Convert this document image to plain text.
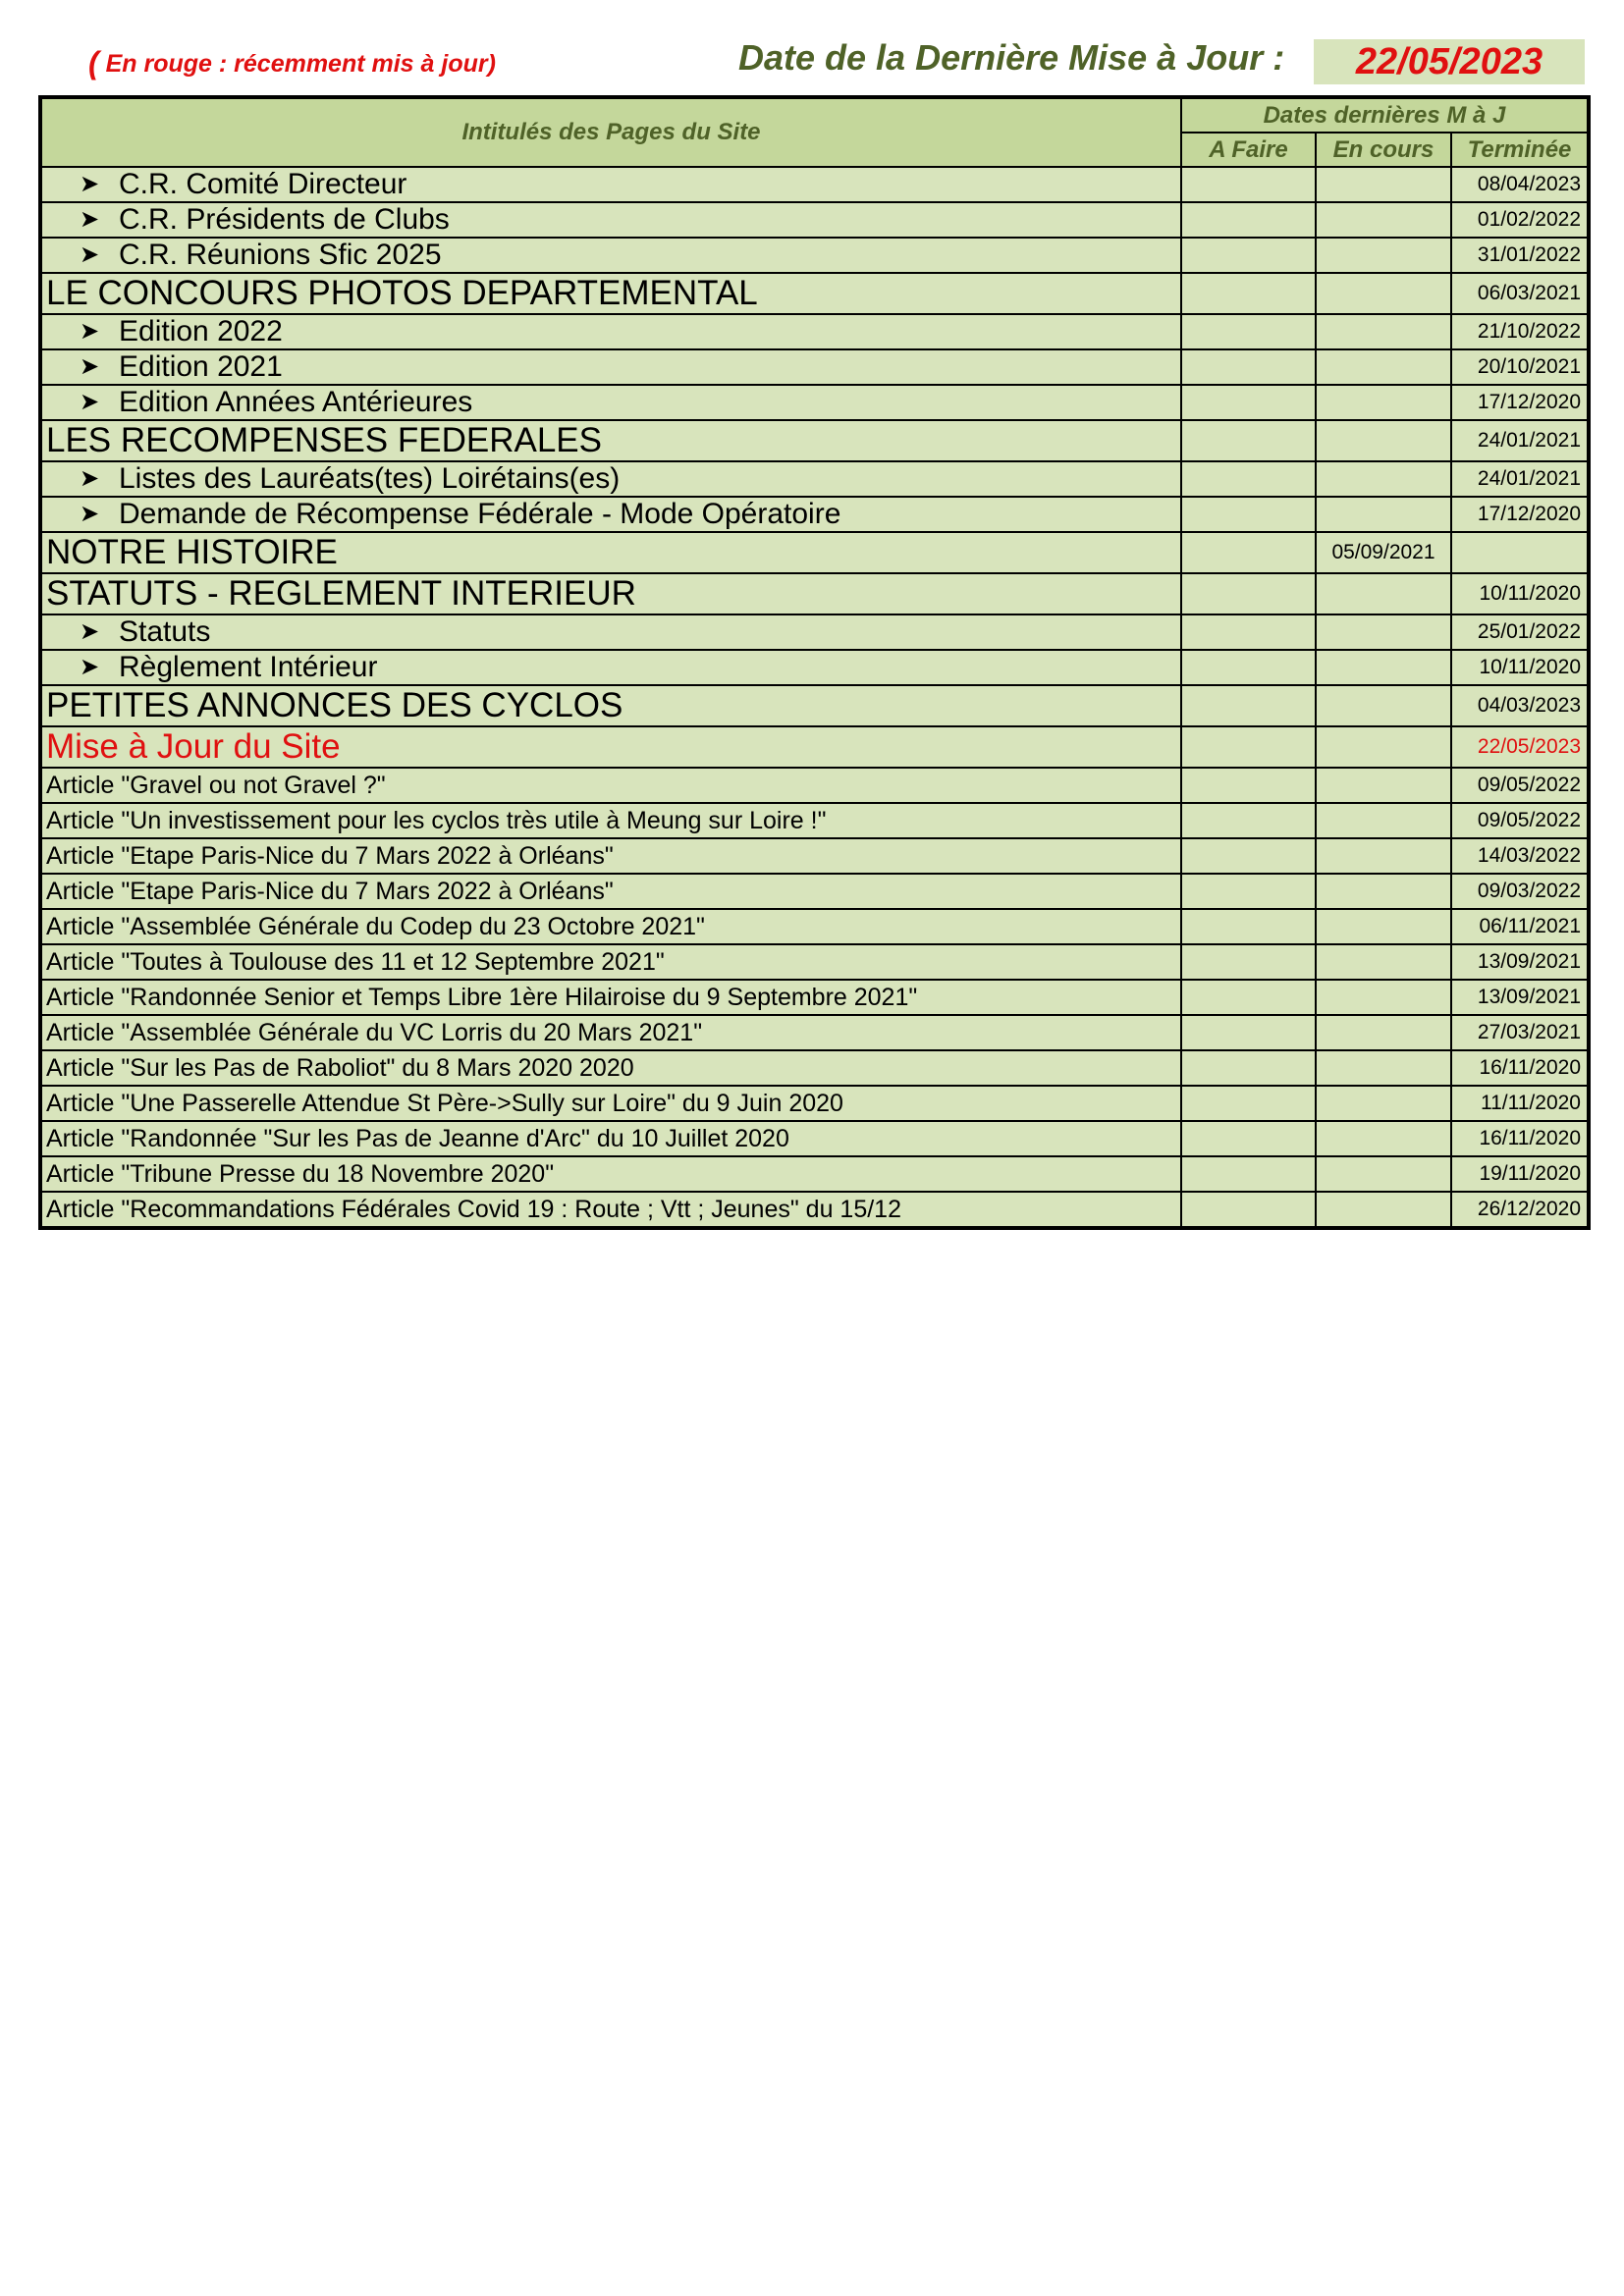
( En rouge : récemment mis à jour)	Date de la Dernière Mise à Jour :	22/05/2023
Intitulés des Pages du Site	Dates dernières M à J		
	A Faire	En cours	Terminée
➤ C.R. Comité Directeur			08/04/2023
➤ C.R. Présidents de Clubs			01/02/2022
➤ C.R. Réunions Sfic 2025			31/01/2022
LE CONCOURS PHOTOS DEPARTEMENTAL			06/03/2021
➤ Edition 2022			21/10/2022
➤ Edition 2021			20/10/2021
➤ Edition Années Antérieures			17/12/2020
LES RECOMPENSES FEDERALES			24/01/2021
➤ Listes des Lauréats(tes) Loirétains(es)			24/01/2021
➤ Demande de Récompense Fédérale - Mode Opératoire			17/12/2020
NOTRE HISTOIRE		05/09/2021	
STATUTS - REGLEMENT INTERIEUR			10/11/2020
➤ Statuts			25/01/2022
➤ Règlement Intérieur			10/11/2020
PETITES ANNONCES DES CYCLOS			04/03/2023
Mise à Jour du Site			22/05/2023
Article "Gravel ou not Gravel ?"			09/05/2022
Article "Un investissement pour les cyclos très utile à Meung sur Loire !"			09/05/2022
Article "Etape Paris-Nice du 7 Mars 2022 à Orléans"			14/03/2022
Article "Etape Paris-Nice du 7 Mars 2022 à Orléans"			09/03/2022
Article "Assemblée Générale du Codep du 23 Octobre 2021"			06/11/2021
Article "Toutes à Toulouse des 11 et 12 Septembre 2021"			13/09/2021
Article "Randonnée Senior et Temps Libre 1ère Hilairoise du 9 Septembre 2021"			13/09/2021
Article "Assemblée Générale du VC Lorris du 20 Mars 2021"			27/03/2021
Article "Sur les Pas de Raboliot" du 8 Mars 2020 2020			16/11/2020
Article "Une Passerelle Attendue St Père->Sully sur Loire" du 9 Juin 2020			11/11/2020
Article "Randonnée "Sur les Pas de Jeanne d'Arc" du 10 Juillet 2020			16/11/2020
Article "Tribune Presse du 18 Novembre 2020"			19/11/2020
Article "Recommandations Fédérales Covid 19 : Route ; Vtt ; Jeunes" du 15/12			26/12/2020
